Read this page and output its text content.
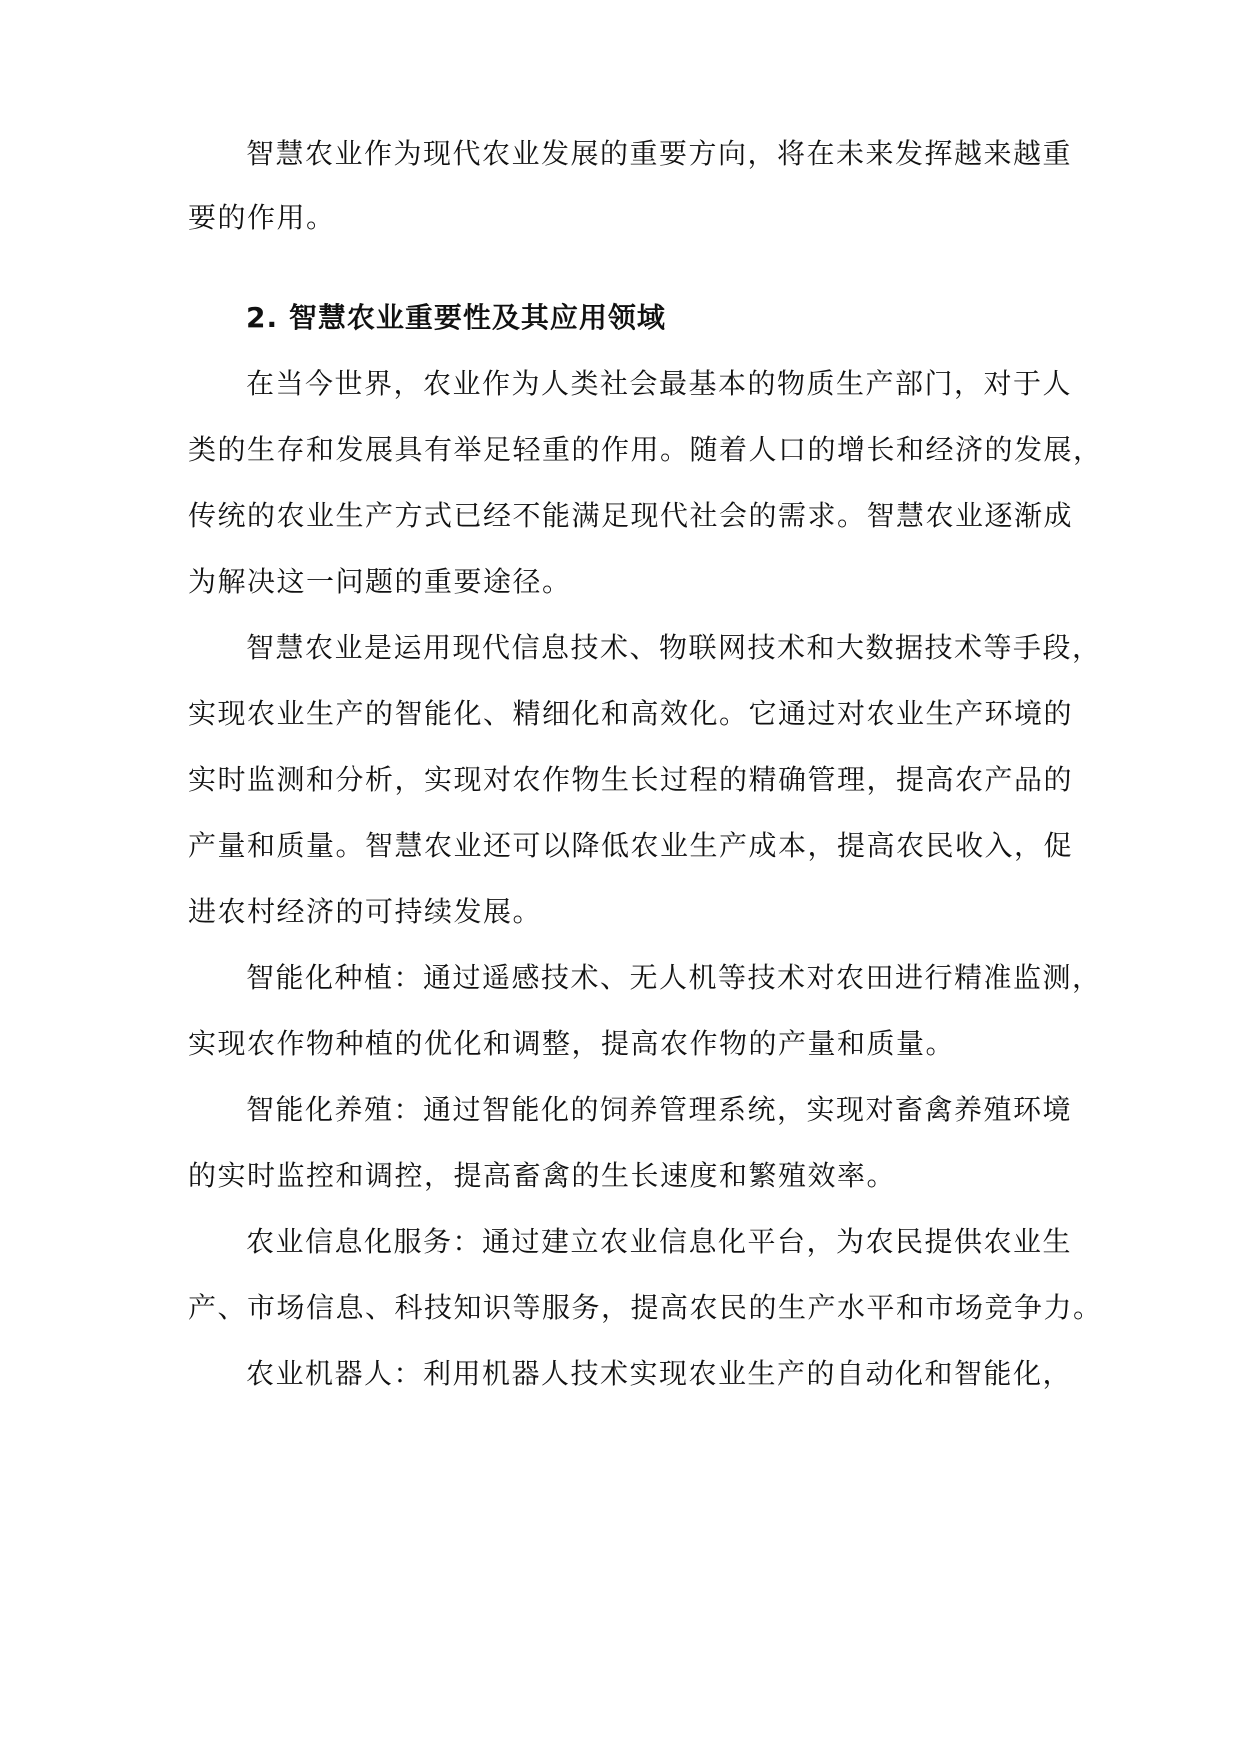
智慧农业作为现代农业发展的重要方向，将在未来发挥越来越重
要的作用。
2. 智慧农业重要性及其应用领域
在当今世界，农业作为人类社会最基本的物质生产部门，对于人
类的生存和发展具有举足轻重的作用。随着人口的增长和经济的发展，
传统的农业生产方式已经不能满足现代社会的需求。智慧农业逐渐成
为解决这一问题的重要途径。
智慧农业是运用现代信息技术、物联网技术和大数据技术等手段，
实现农业生产的智能化、精细化和高效化。它通过对农业生产环境的
实时监测和分析，实现对农作物生长过程的精确管理，提高农产品的
产量和质量。智慧农业还可以降低农业生产成本，提高农民收入，促
进农村经济的可持续发展。
智能化种植：通过遥感技术、无人机等技术对农田进行精准监测，
实现农作物种植的优化和调整，提高农作物的产量和质量。
智能化养殖：通过智能化的饲养管理系统，实现对畜禽养殖环境
的实时监控和调控，提高畜禽的生长速度和繁殖效率。
农业信息化服务：通过建立农业信息化平台，为农民提供农业生
产、市场信息、科技知识等服务，提高农民的生产水平和市场竞争力。
农业机器人：利用机器人技术实现农业生产的自动化和智能化，
